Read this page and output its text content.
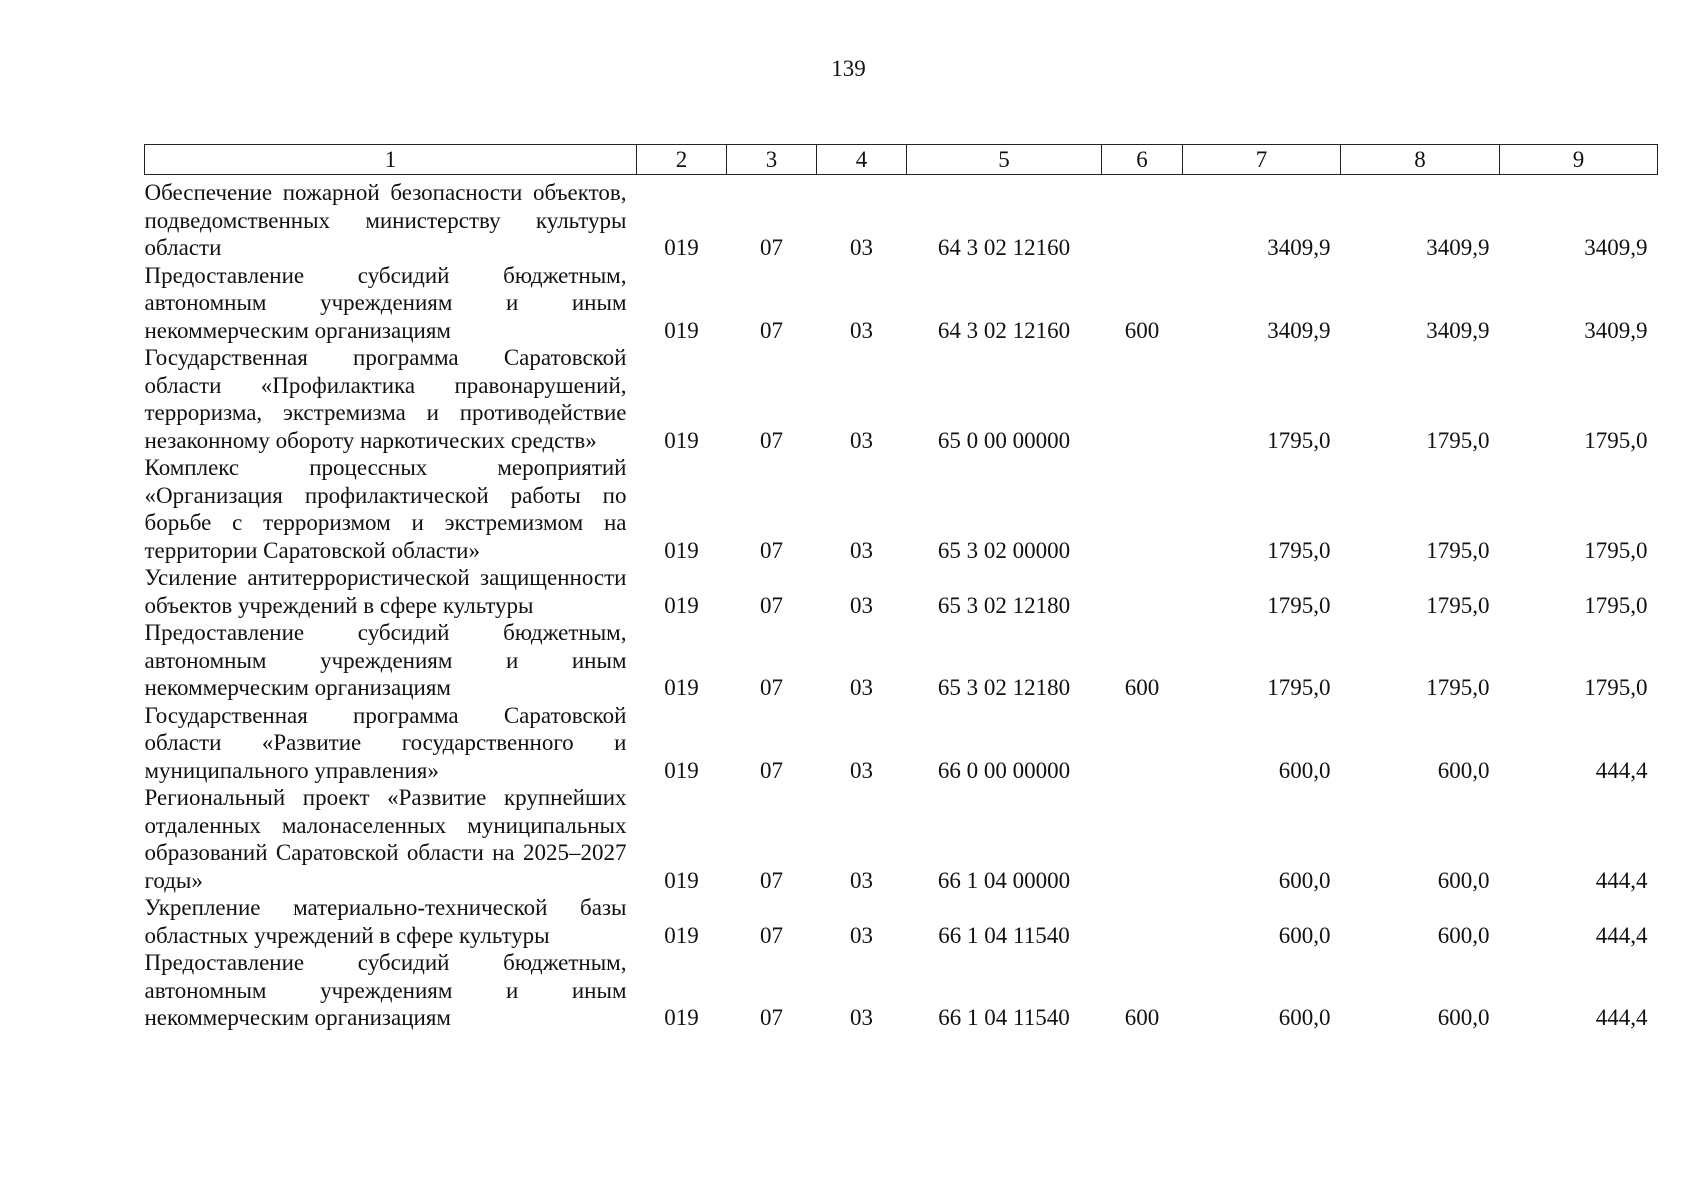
139
1	2	3	4	5	6	7	8	9
Обеспечение пожарной безопасности объектов, подведомственных министерству культуры области	019	07	03	64 3 02 12160		3409,9	3409,9	3409,9
Предоставление субсидий бюджетным, автономным учреждениям и иным некоммерческим организациям	019	07	03	64 3 02 12160	600	3409,9	3409,9	3409,9
Государственная программа Саратовской области «Профилактика правонарушений, терроризма, экстремизма и противодействие незаконному обороту наркотических средств»	019	07	03	65 0 00 00000		1795,0	1795,0	1795,0
Комплекс процессных мероприятий «Организация профилактической работы по борьбе с терроризмом и экстремизмом на территории Саратовской области»	019	07	03	65 3 02 00000		1795,0	1795,0	1795,0
Усиление антитеррористической защищенности объектов учреждений в сфере культуры	019	07	03	65 3 02 12180		1795,0	1795,0	1795,0
Предоставление субсидий бюджетным, автономным учреждениям и иным некоммерческим организациям	019	07	03	65 3 02 12180	600	1795,0	1795,0	1795,0
Государственная программа Саратовской области «Развитие государственного и муниципального управления»	019	07	03	66 0 00 00000		600,0	600,0	444,4
Региональный проект «Развитие крупнейших отдаленных малонаселенных муниципальных образований Саратовской области на 2025–2027 годы»	019	07	03	66 1 04 00000		600,0	600,0	444,4
Укрепление материально-технической базы областных учреждений в сфере культуры	019	07	03	66 1 04 11540		600,0	600,0	444,4
Предоставление субсидий бюджетным, автономным учреждениям и иным некоммерческим организациям	019	07	03	66 1 04 11540	600	600,0	600,0	444,4
